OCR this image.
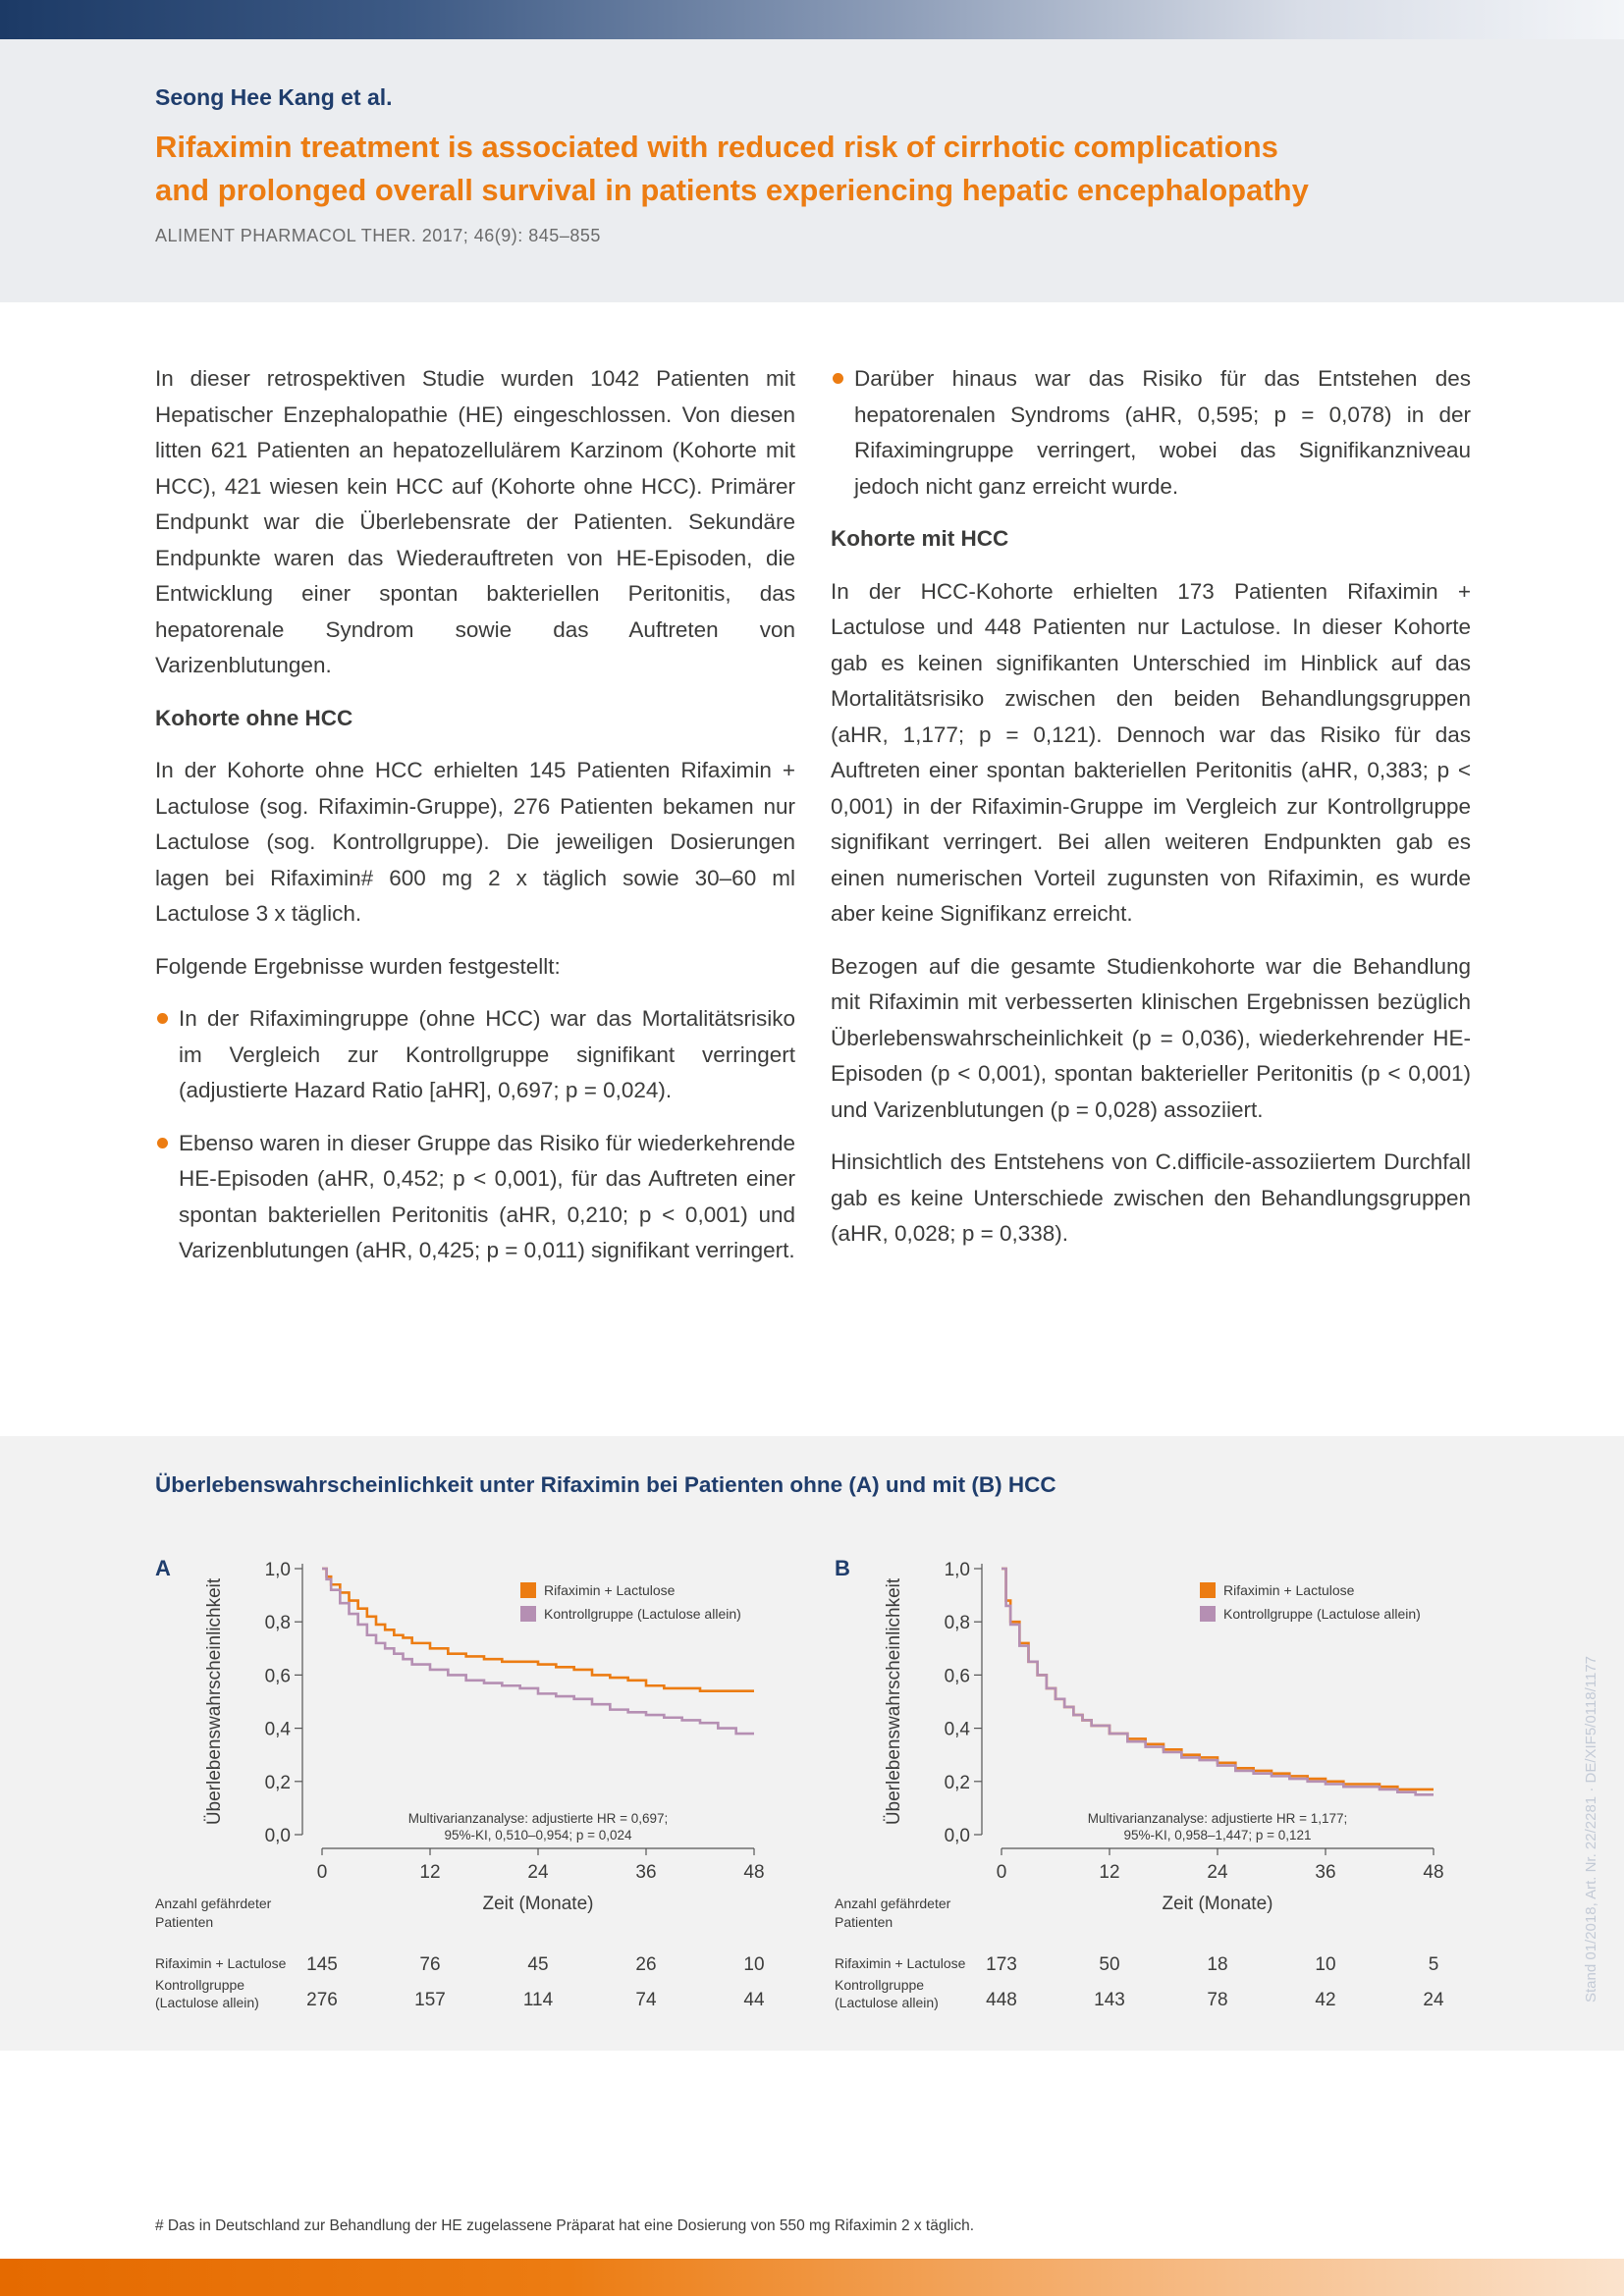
Seong Hee Kang et al.
Rifaximin treatment is associated with reduced risk of cirrhotic complications
and prolonged overall survival in patients experiencing hepatic encephalopathy
ALIMENT PHARMACOL THER. 2017; 46(9): 845–855

In dieser retrospektiven Studie wurden 1042 Patienten mit Hepatischer Enzephalopathie (HE) eingeschlossen. Von diesen litten 621 Patienten an hepatozellulärem Karzinom (Kohorte mit HCC), 421 wiesen kein HCC auf (Kohorte ohne HCC). Primärer Endpunkt war die Überlebensrate der Patienten. Sekundäre Endpunkte waren das Wiederauftreten von HE-Episoden, die Entwicklung einer spontan bakteriellen Peritonitis, das hepatorenale Syndrom sowie das Auftreten von Varizenblutungen.

Kohorte ohne HCC

In der Kohorte ohne HCC erhielten 145 Patienten Rifaximin + Lactulose (sog. Rifaximin-Gruppe), 276 Patienten bekamen nur Lactulose (sog. Kontrollgruppe). Die jeweiligen Dosierungen lagen bei Rifaximin# 600 mg 2 x täglich sowie 30–60 ml Lactulose 3 x täglich.

Folgende Ergebnisse wurden festgestellt:

In der Rifaximingruppe (ohne HCC) war das Mortalitätsrisiko im Vergleich zur Kontrollgruppe signifikant verringert (adjustierte Hazard Ratio [aHR], 0,697; p = 0,024).
Ebenso waren in dieser Gruppe das Risiko für wiederkehrende HE-Episoden (aHR, 0,452; p < 0,001), für das Auftreten einer spontan bakteriellen Peritonitis (aHR, 0,210; p < 0,001) und Varizenblutungen (aHR, 0,425; p = 0,011) signifikant verringert.
Darüber hinaus war das Risiko für das Entstehen des hepatorenalen Syndroms (aHR, 0,595; p = 0,078) in der Rifaximingruppe verringert, wobei das Signifikanzniveau jedoch nicht ganz erreicht wurde.
Kohorte mit HCC

In der HCC-Kohorte erhielten 173 Patienten Rifaximin + Lactulose und 448 Patienten nur Lactulose. In dieser Kohorte gab es keinen signifikanten Unterschied im Hinblick auf das Mortalitätsrisiko zwischen den beiden Behandlungsgruppen (aHR, 1,177; p = 0,121). Dennoch war das Risiko für das Auftreten einer spontan bakteriellen Peritonitis (aHR, 0,383; p < 0,001) in der Rifaximin-Gruppe im Vergleich zur Kontrollgruppe signifikant verringert. Bei allen weiteren Endpunkten gab es einen numerischen Vorteil zugunsten von Rifaximin, es wurde aber keine Signifikanz erreicht.

Bezogen auf die gesamte Studienkohorte war die Behandlung mit Rifaximin mit verbesserten klinischen Ergebnissen bezüglich Überlebenswahrscheinlichkeit (p = 0,036), wiederkehrender HE-Episoden (p < 0,001), spontan bakterieller Peritonitis (p < 0,001) und Varizenblutungen (p = 0,028) assoziiert.

Hinsichtlich des Entstehens von C.difficile-assoziiertem Durchfall gab es keine Unterschiede zwischen den Behandlungsgruppen (aHR, 0,028; p = 0,338).

Überlebenswahrscheinlichkeit unter Rifaximin bei Patienten ohne (A) und mit (B) HCC
A
Überlebenswahrscheinlichkeit
0,0
0,2
0,4
0,6
0,8
1,0
0	12	24	36	48
Zeit (Monate)
Rifaximin + Lactulose
Kontrollgruppe (Lactulose allein)
Multivarianzanalyse: adjustierte HR = 0,697;
95%-KI, 0,510–0,954; p = 0,024
Anzahl gefährdeter
Patienten
Rifaximin + Lactulose 145	76	45	26	10
Kontrollgruppe
(Lactulose allein)	276	157	114	74	44
B
Überlebenswahrscheinlichkeit
0,0
0,2
0,4
0,6
0,8
1,0
0	12	24	36	48
Zeit (Monate)
Rifaximin + Lactulose
Kontrollgruppe (Lactulose allein)
Multivarianzanalyse: adjustierte HR = 1,177;
95%-KI, 0,958–1,447; p = 0,121
Anzahl gefährdeter
Patienten
Rifaximin + Lactulose 173	50	18	10	5
Kontrollgruppe
(Lactulose allein)	448	143	78	42	24	Stand 01/2018, Art. Nr. 22/2281 · DE/XIF5/0118/1177
# Das in Deutschland zur Behandlung der HE zugelassene Präparat hat eine Dosierung von 550 mg Rifaximin 2 x täglich.
